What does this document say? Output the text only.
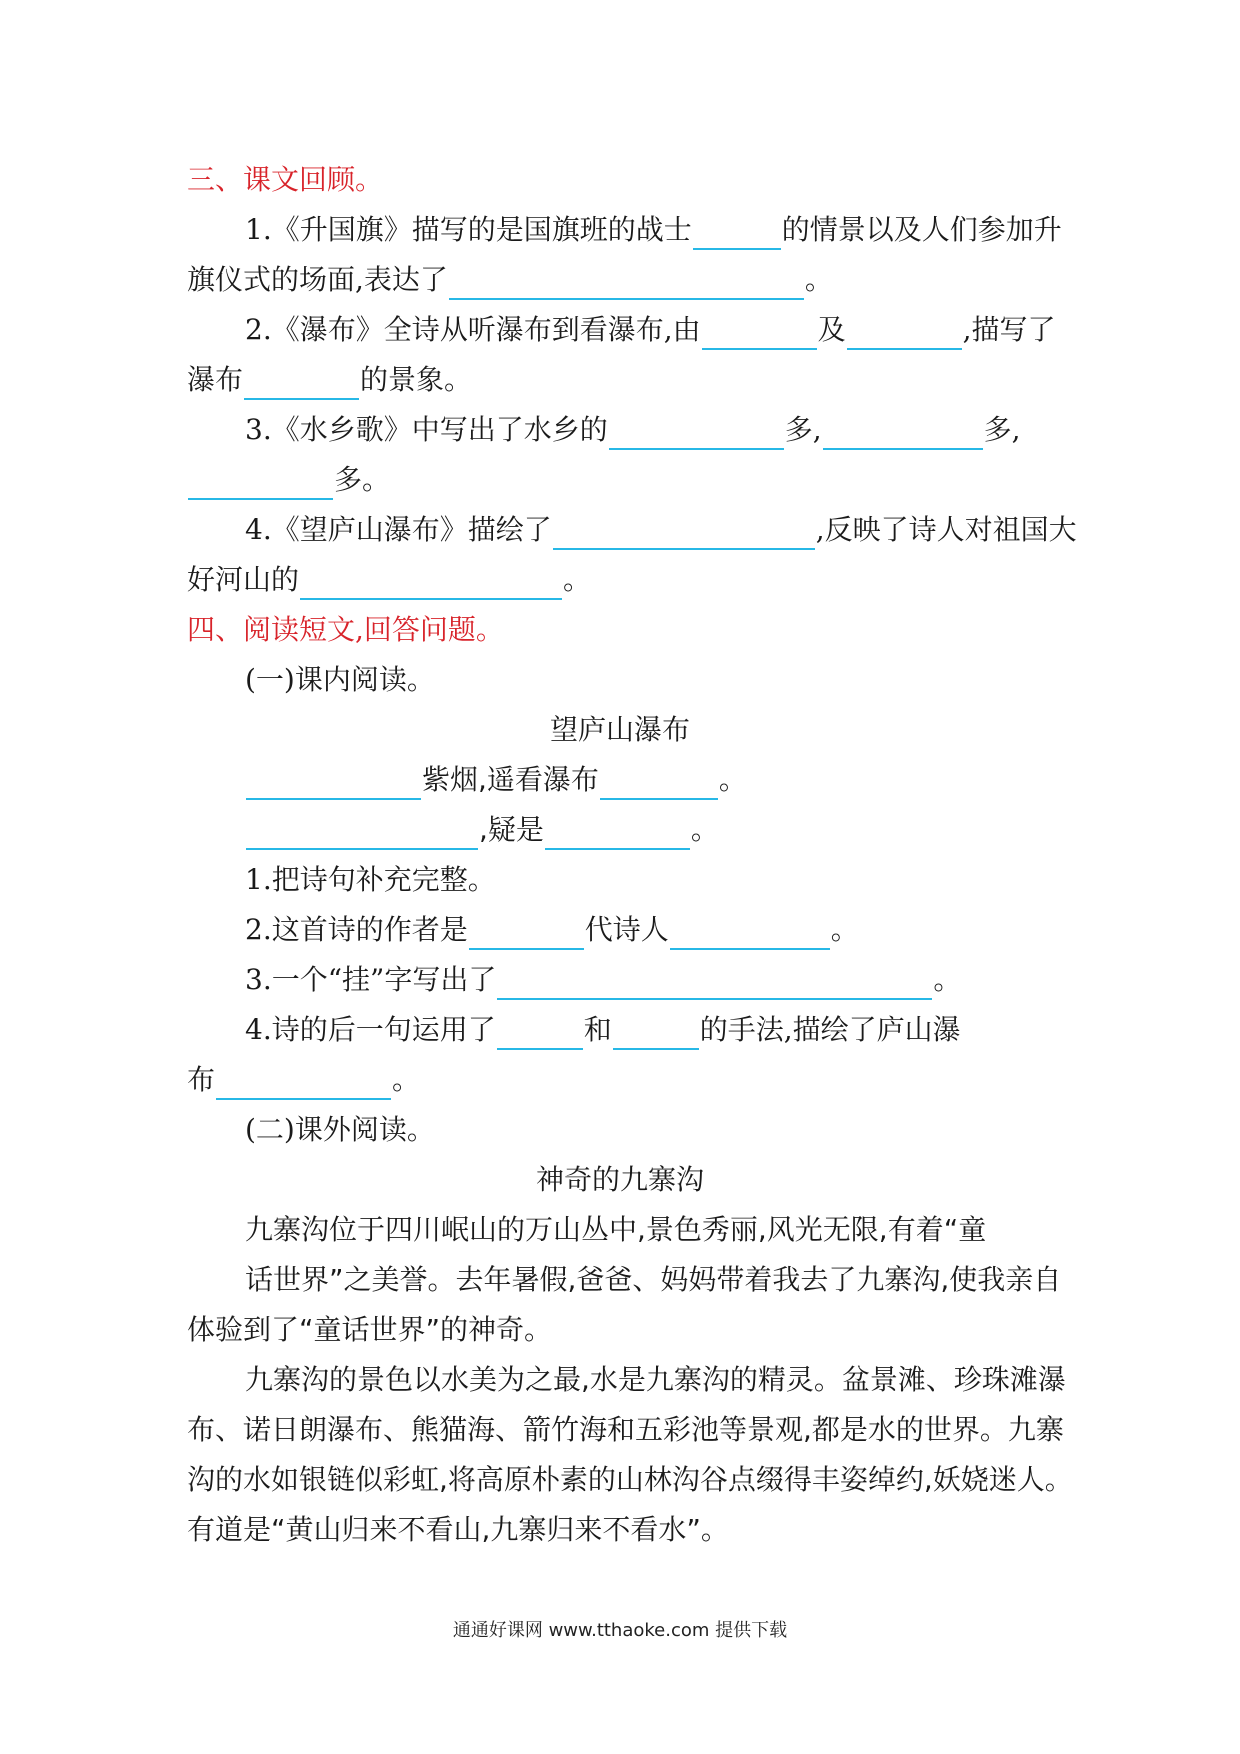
三、课文回顾。
1.《升国旗》描写的是国旗班的战士	的情景以及人们参加升
旗仪式的场面,表达了	。
2.《瀑布》全诗从听瀑布到看瀑布,由	及	,描写了
瀑布	的景象。
3.《水乡歌》中写出了水乡的	多,	多,
多。
4.《望庐山瀑布》描绘了	,反映了诗人对祖国大
好河山的	。
四、阅读短文,回答问题。
(一)课内阅读。
望庐山瀑布
紫烟,遥看瀑布	。
,疑是	。
1.把诗句补充完整。
2.这首诗的作者是	代诗人	。
3.一个“挂”字写出了	。
4.诗的后一句运用了	和	的手法,描绘了庐山瀑
布	。
(二)课外阅读。
神奇的九寨沟
九寨沟位于四川岷山的万山丛中,景色秀丽,风光无限,有着“童
话世界”之美誉。去年暑假,爸爸、妈妈带着我去了九寨沟,使我亲自
体验到了“童话世界”的神奇。
九寨沟的景色以水美为之最,水是九寨沟的精灵。盆景滩、珍珠滩瀑
布、诺日朗瀑布、熊猫海、箭竹海和五彩池等景观,都是水的世界。九寨
沟的水如银链似彩虹,将高原朴素的山林沟谷点缀得丰姿绰约,妖娆迷人。
有道是“黄山归来不看山,九寨归来不看水”。
通通好课网 www.tthaoke.com 提供下载
